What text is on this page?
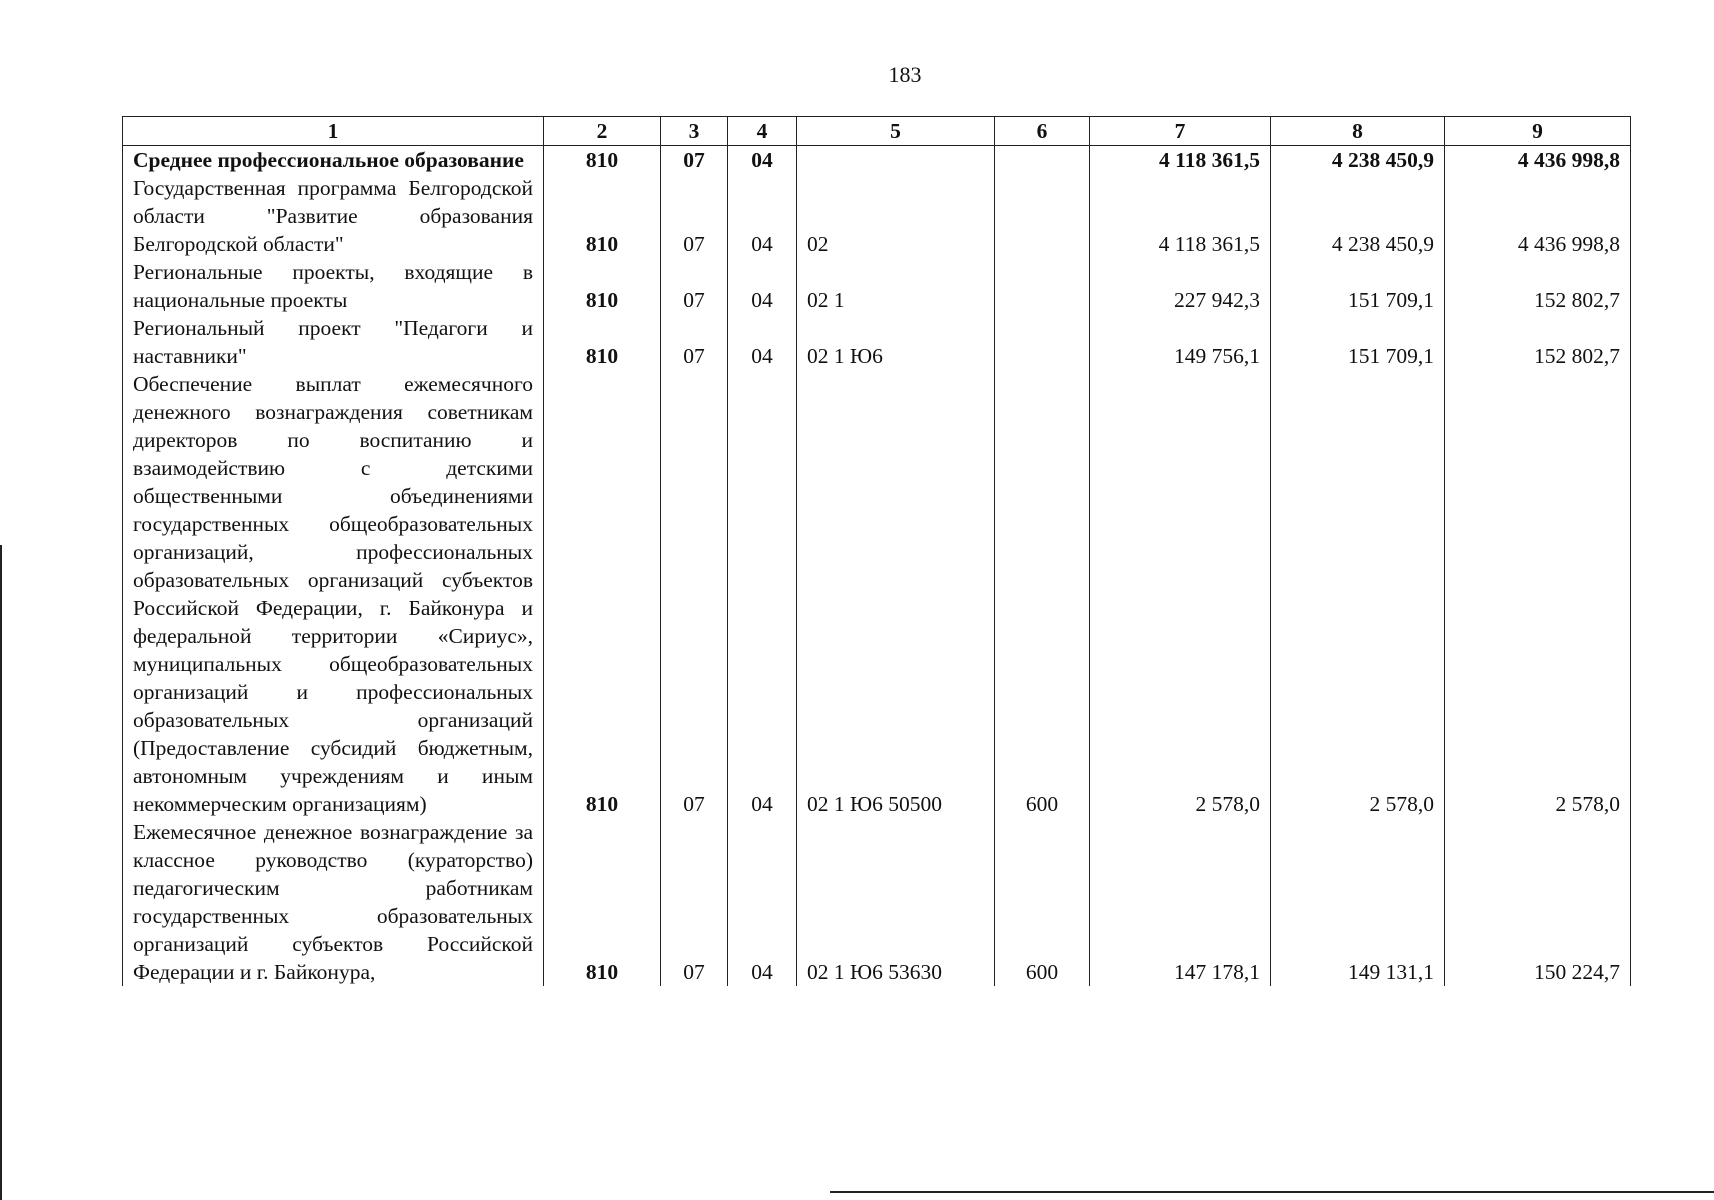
183
1	2	3	4	5	6	7	8	9
Среднее профессиональное образование	810	07	04			4 118 361,5	4 238 450,9	4 436 998,8
Государственная программа Белгородской области "Развитие образования Белгородской области"	810	07	04	02		4 118 361,5	4 238 450,9	4 436 998,8
Региональные проекты, входящие в национальные проекты	810	07	04	02 1		227 942,3	151 709,1	152 802,7
Региональный проект "Педагоги и наставники"	810	07	04	02 1 Ю6		149 756,1	151 709,1	152 802,7
Обеспечение выплат ежемесячного денежного вознаграждения советникам директоров по воспитанию и взаимодействию с детскими общественными объединениями государственных общеобразовательных организаций, профессиональных образовательных организаций субъектов Российской Федерации, г. Байконура и федеральной территории «Сириус», муниципальных общеобразовательных организаций и профессиональных образовательных организаций (Предоставление субсидий бюджетным, автономным учреждениям и иным некоммерческим организациям)	810	07	04	02 1 Ю6 50500	600	2 578,0	2 578,0	2 578,0
Ежемесячное денежное вознаграждение за классное руководство (кураторство) педагогическим работникам государственных образовательных организаций субъектов Российской Федерации и г. Байконура,	810	07	04	02 1 Ю6 53630	600	147 178,1	149 131,1	150 224,7
